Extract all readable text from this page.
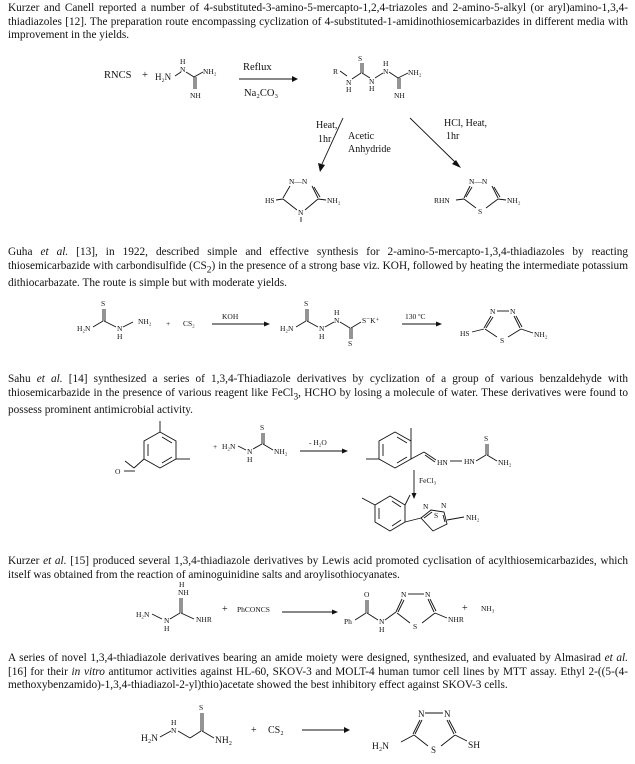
Kurzer and Canell reported a number of 4-substituted-3-amino-5-mercapto-1,2,4-triazoles and 2-amino-5-alkyl (or aryl)amino-1,3,4-thiadiazoles [12]. The preparation route encompassing cyclization of 4-substituted-1-amidinothiosemicarbazides in different media with improvement in the yields.

RNCS + H₂N
H
N NH₂
NH
Reflux
Na₂CO₃
R
N
H
S
N
H
N
H
NH₂
NH
Heat,
1hr Acetic
Anhydride
HCl, Heat,
1hr
N—N
N
HS	NH₂
N—N
S
RHN	NH₂

Guha et al. [13], in 1922, described simple and effective synthesis for 2-amino-5-mercapto-1,3,4-thiadiazoles by reacting thiosemicarbazide with carbondisulfide $(CS_2)$ in the presence of a strong base viz. KOH, followed by heating the intermediate potassium dithiocarbazate. The route is simple but with moderate yields.

H₂N
S
N
H
NH₂ + CS₂
KOH
H₂N
S
N
H
N
H
S
S⁻K⁺	130 ºC
N N
S
HS	NH₂

Sahu et al. [14] synthesized a series of 1,3,4-Thiadiazole derivatives by cyclization of a group of various benzaldehyde with thiosemicarbazide in the presence of various reagent like FeCl$_3$, HCHO by losing a molecule of water. These derivatives were found to possess prominent antimicrobial activity.

O
+ H₂N
N
H
S
NH₂
- H₂O
HN HN
S
NH₂
FeCl₃
N N
S	NH₂

Kurzer et al. [15] produced several 1,3,4-thiadiazole derivatives by Lewis acid promoted cyclisation of acylthiosemicarbazides, which itself was obtained from the reaction of aminoguinidine salts and aroylisothiocyanates.

H₂N
N
H
NH
H
NHR
+ PhCONCS
Ph
O
N
H
N N
S
NHR
+ NH₃

A series of novel 1,3,4-thiadiazole derivatives bearing an amide moiety were designed, synthesized, and evaluated by Almasirad et al. [16] for their in vitro antitumor activities against HL-60, SKOV-3 and MOLT-4 human tumor cell lines by MTT assay. Ethyl 2-((5-(4-methoxybenzamido)-1,3,4-thiadiazol-2-yl)thio)acetate showed the best inhibitory effect against SKOV-3 cells.

H₂N
N
H
S
NH₂
+ CS₂
N N
S
H₂N	SH
